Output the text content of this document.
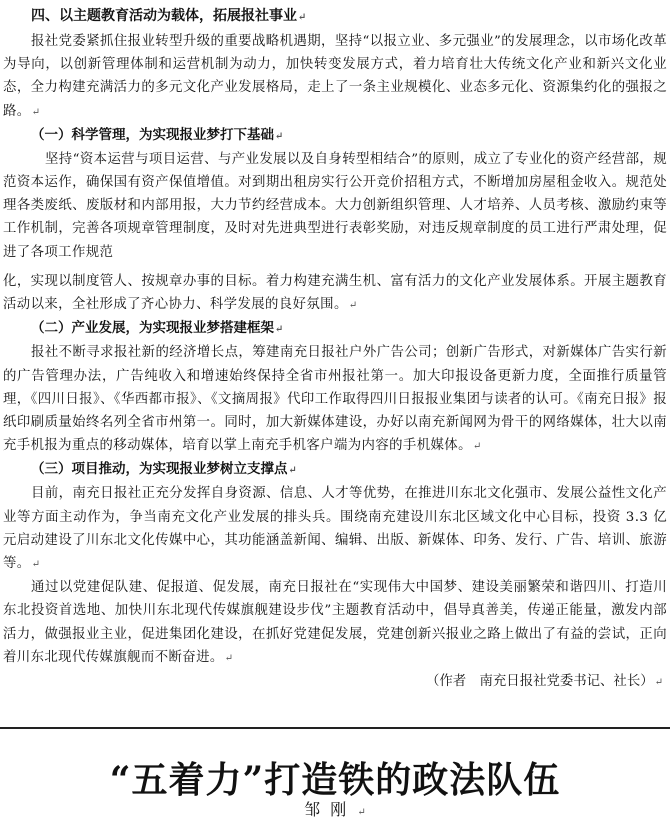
四、以主题教育活动为载体，拓展报社事业↵

报社党委紧抓住报业转型升级的重要战略机遇期，坚持“以报立业、多元强业”的发展理念，以市场化改革为导向，以创新管理体制和运营机制为动力，加快转变发展方式，着力培育壮大传统文化产业和新兴文化业态，全力构建充满活力的多元文化产业发展格局，走上了一条主业规模化、业态多元化、资源集约化的强报之路。↵

（一）科学管理，为实现报业梦打下基础↵

坚持“资本运营与项目运营、与产业发展以及自身转型相结合”的原则，成立了专业化的资产经营部，规范资本运作，确保国有资产保值增值。对到期出租房实行公开竞价招租方式，不断增加房屋租金收入。规范处理各类废纸、废版材和内部用报，大力节约经营成本。大力创新组织管理、人才培养、人员考核、激励约束等工作机制，完善各项规章管理制度，及时对先进典型进行表彰奖励，对违反规章制度的员工进行严肃处理，促进了各项工作规范

化，实现以制度管人、按规章办事的目标。着力构建充满生机、富有活力的文化产业发展体系。开展主题教育活动以来，全社形成了齐心协力、科学发展的良好氛围。↵

（二）产业发展，为实现报业梦搭建框架↵

报社不断寻求报社新的经济增长点，筹建南充日报社户外广告公司；创新广告形式，对新媒体广告实行新的广告管理办法，广告纯收入和增速始终保持全省市州报社第一。加大印报设备更新力度，全面推行质量管理，《四川日报》、《华西都市报》、《文摘周报》代印工作取得四川日报报业集团与读者的认可。《南充日报》报纸印刷质量始终名列全省市州第一。同时，加大新媒体建设，办好以南充新闻网为骨干的网络媒体，壮大以南充手机报为重点的移动媒体，培育以掌上南充手机客户端为内容的手机媒体。↵

（三）项目推动，为实现报业梦树立支撑点↵

目前，南充日报社正充分发挥自身资源、信息、人才等优势，在推进川东北文化强市、发展公益性文化产业等方面主动作为，争当南充文化产业发展的排头兵。围绕南充建设川东北区域文化中心目标，投资 3.3 亿元启动建设了川东北文化传媒中心，其功能涵盖新闻、编辑、出版、新媒体、印务、发行、广告、培训、旅游等。↵

通过以党建促队建、促报道、促发展，南充日报社在“实现伟大中国梦、建设美丽繁荣和谐四川、打造川东北投资首选地、加快川东北现代传媒旗舰建设步伐”主题教育活动中，倡导真善美，传递正能量，激发内部活力，做强报业主业，促进集团化建设，在抓好党建促发展，党建创新兴报业之路上做出了有益的尝试，正向着川东北现代传媒旗舰而不断奋进。↵

（作者　南充日报社党委书记、社长）↵

“五着力”打造铁的政法队伍

邹刚↵
